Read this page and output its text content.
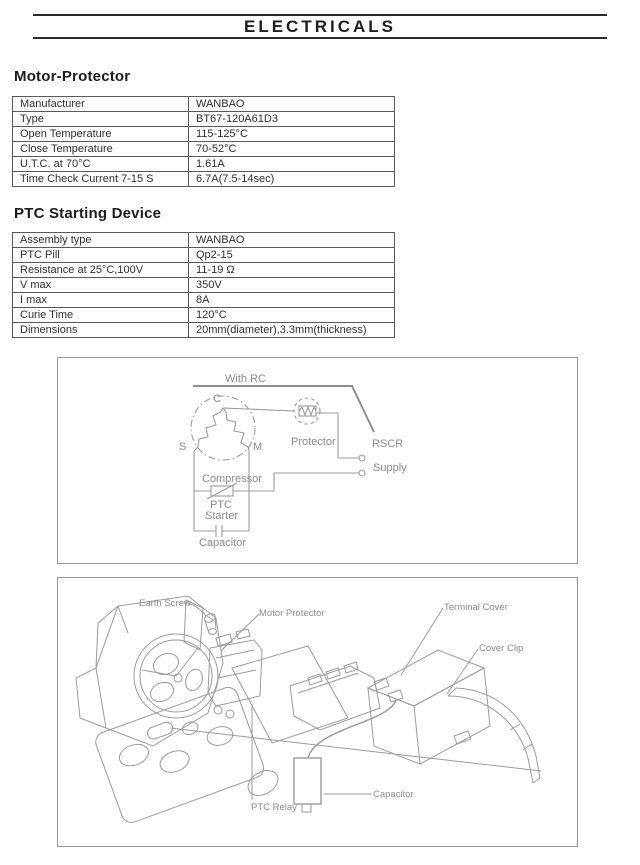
ELECTRICALS
Motor-Protector
Manufacturer	WANBAO
Type	BT67-120A61D3
Open Temperature	115-125°C
Close Temperature	70-52°C
U.T.C. at 70°C	1.61A
Time Check Current 7-15 S	6.7A(7.5-14sec)
PTC Starting Device
Assembly type	WANBAO
PTC Pill	Qp2-15
Resistance at 25°C,100V	11-19 Ω
V max	350V
I max	8A
Curie Time	120°C
Dimensions	20mm(diameter),3.3mm(thickness)
With RC
C
S	M	Protector	RSCR
Supply
Compressor
PTC
Starter
Capacitor
Earth Screw
Motor Protector
Terminal Cover
Cover Clip
PTC Relay
Capacitor
